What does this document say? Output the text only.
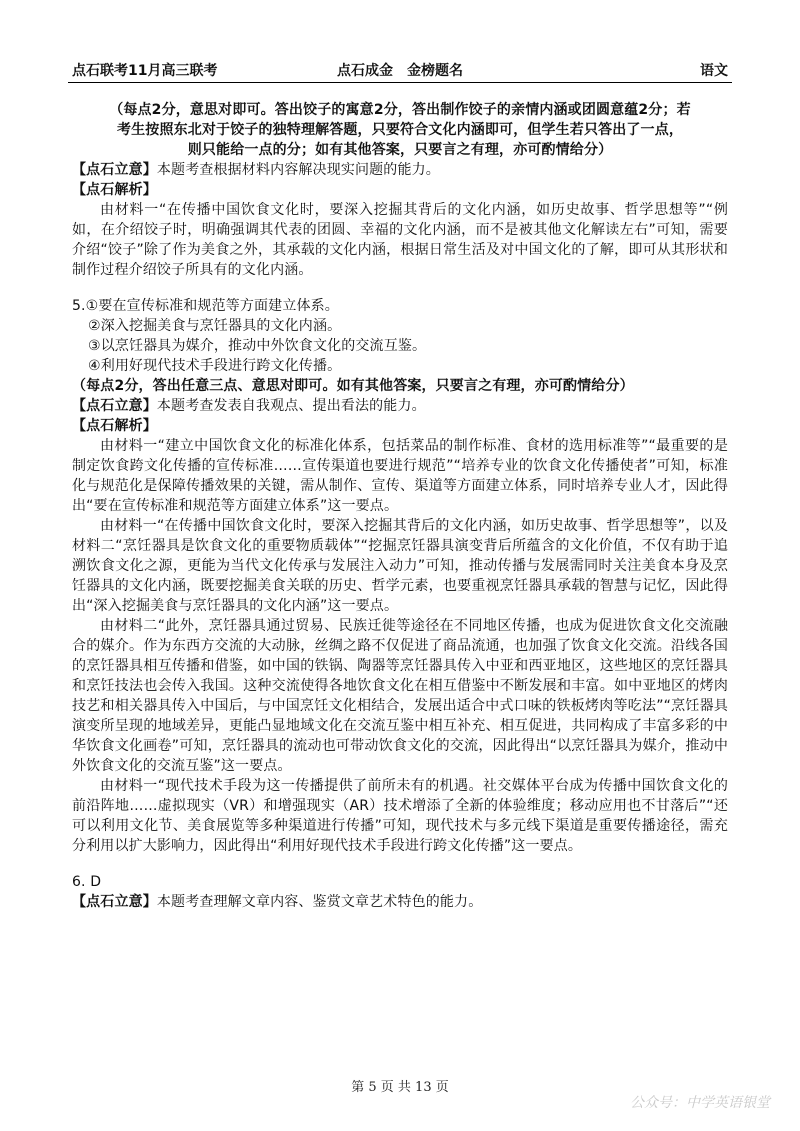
点石联考11月高三联考	点石成金　金榜题名	语文

（每点2分，意思对即可。答出饺子的寓意2分，答出制作饺子的亲情内涵或团圆意蕴2分；若

考生按照东北对于饺子的独特理解答题，只要符合文化内涵即可，但学生若只答出了一点，

则只能给一点的分；如有其他答案，只要言之有理，亦可酌情给分）

【点石立意】本题考查根据材料内容解决现实问题的能力。

【点石解析】

由材料一“在传播中国饮食文化时，要深入挖掘其背后的文化内涵，如历史故事、哲学思想等”“例如，在介绍饺子时，明确强调其代表的团圆、幸福的文化内涵，而不是被其他文化解读左右”可知，需要介绍“饺子”除了作为美食之外，其承载的文化内涵，根据日常生活及对中国文化的了解，即可从其形状和制作过程介绍饺子所具有的文化内涵。

5.①要在宣传标准和规范等方面建立体系。

②深入挖掘美食与烹饪器具的文化内涵。

③以烹饪器具为媒介，推动中外饮食文化的交流互鉴。

④利用好现代技术手段进行跨文化传播。

（每点2分，答出任意三点、意思对即可。如有其他答案，只要言之有理，亦可酌情给分）

【点石立意】本题考查发表自我观点、提出看法的能力。

【点石解析】

由材料一“建立中国饮食文化的标准化体系，包括菜品的制作标准、食材的选用标准等”“最重要的是制定饮食跨文化传播的宣传标准……宣传渠道也要进行规范”“培养专业的饮食文化传播使者”可知，标准化与规范化是保障传播效果的关键，需从制作、宣传、渠道等方面建立体系，同时培养专业人才，因此得出“要在宣传标准和规范等方面建立体系”这一要点。

由材料一“在传播中国饮食文化时，要深入挖掘其背后的文化内涵，如历史故事、哲学思想等”，以及材料二“烹饪器具是饮食文化的重要物质载体”“挖掘烹饪器具演变背后所蕴含的文化价值，不仅有助于追溯饮食文化之源，更能为当代文化传承与发展注入动力”可知，推动传播与发展需同时关注美食本身及烹饪器具的文化内涵，既要挖掘美食关联的历史、哲学元素，也要重视烹饪器具承载的智慧与记忆，因此得出“深入挖掘美食与烹饪器具的文化内涵”这一要点。

由材料二“此外，烹饪器具通过贸易、民族迁徙等途径在不同地区传播，也成为促进饮食文化交流融合的媒介。作为东西方交流的大动脉，丝绸之路不仅促进了商品流通，也加强了饮食文化交流。沿线各国的烹饪器具相互传播和借鉴，如中国的铁锅、陶器等烹饪器具传入中亚和西亚地区，这些地区的烹饪器具和烹饪技法也会传入我国。这种交流使得各地饮食文化在相互借鉴中不断发展和丰富。如中亚地区的烤肉技艺和相关器具传入中国后，与中国烹饪文化相结合，发展出适合中式口味的铁板烤肉等吃法”“烹饪器具演变所呈现的地域差异，更能凸显地域文化在交流互鉴中相互补充、相互促进，共同构成了丰富多彩的中华饮食文化画卷”可知，烹饪器具的流动也可带动饮食文化的交流，因此得出“以烹饪器具为媒介，推动中外饮食文化的交流互鉴”这一要点。

由材料一“现代技术手段为这一传播提供了前所未有的机遇。社交媒体平台成为传播中国饮食文化的前沿阵地……虚拟现实（VR）和增强现实（AR）技术增添了全新的体验维度；移动应用也不甘落后”“还可以利用文化节、美食展览等多种渠道进行传播”可知，现代技术与多元线下渠道是重要传播途径，需充分利用以扩大影响力，因此得出“利用好现代技术手段进行跨文化传播”这一要点。

6. D

【点石立意】本题考查理解文章内容、鉴赏文章艺术特色的能力。

第 5 页 共 13 页
公众号：中学英语银堂
